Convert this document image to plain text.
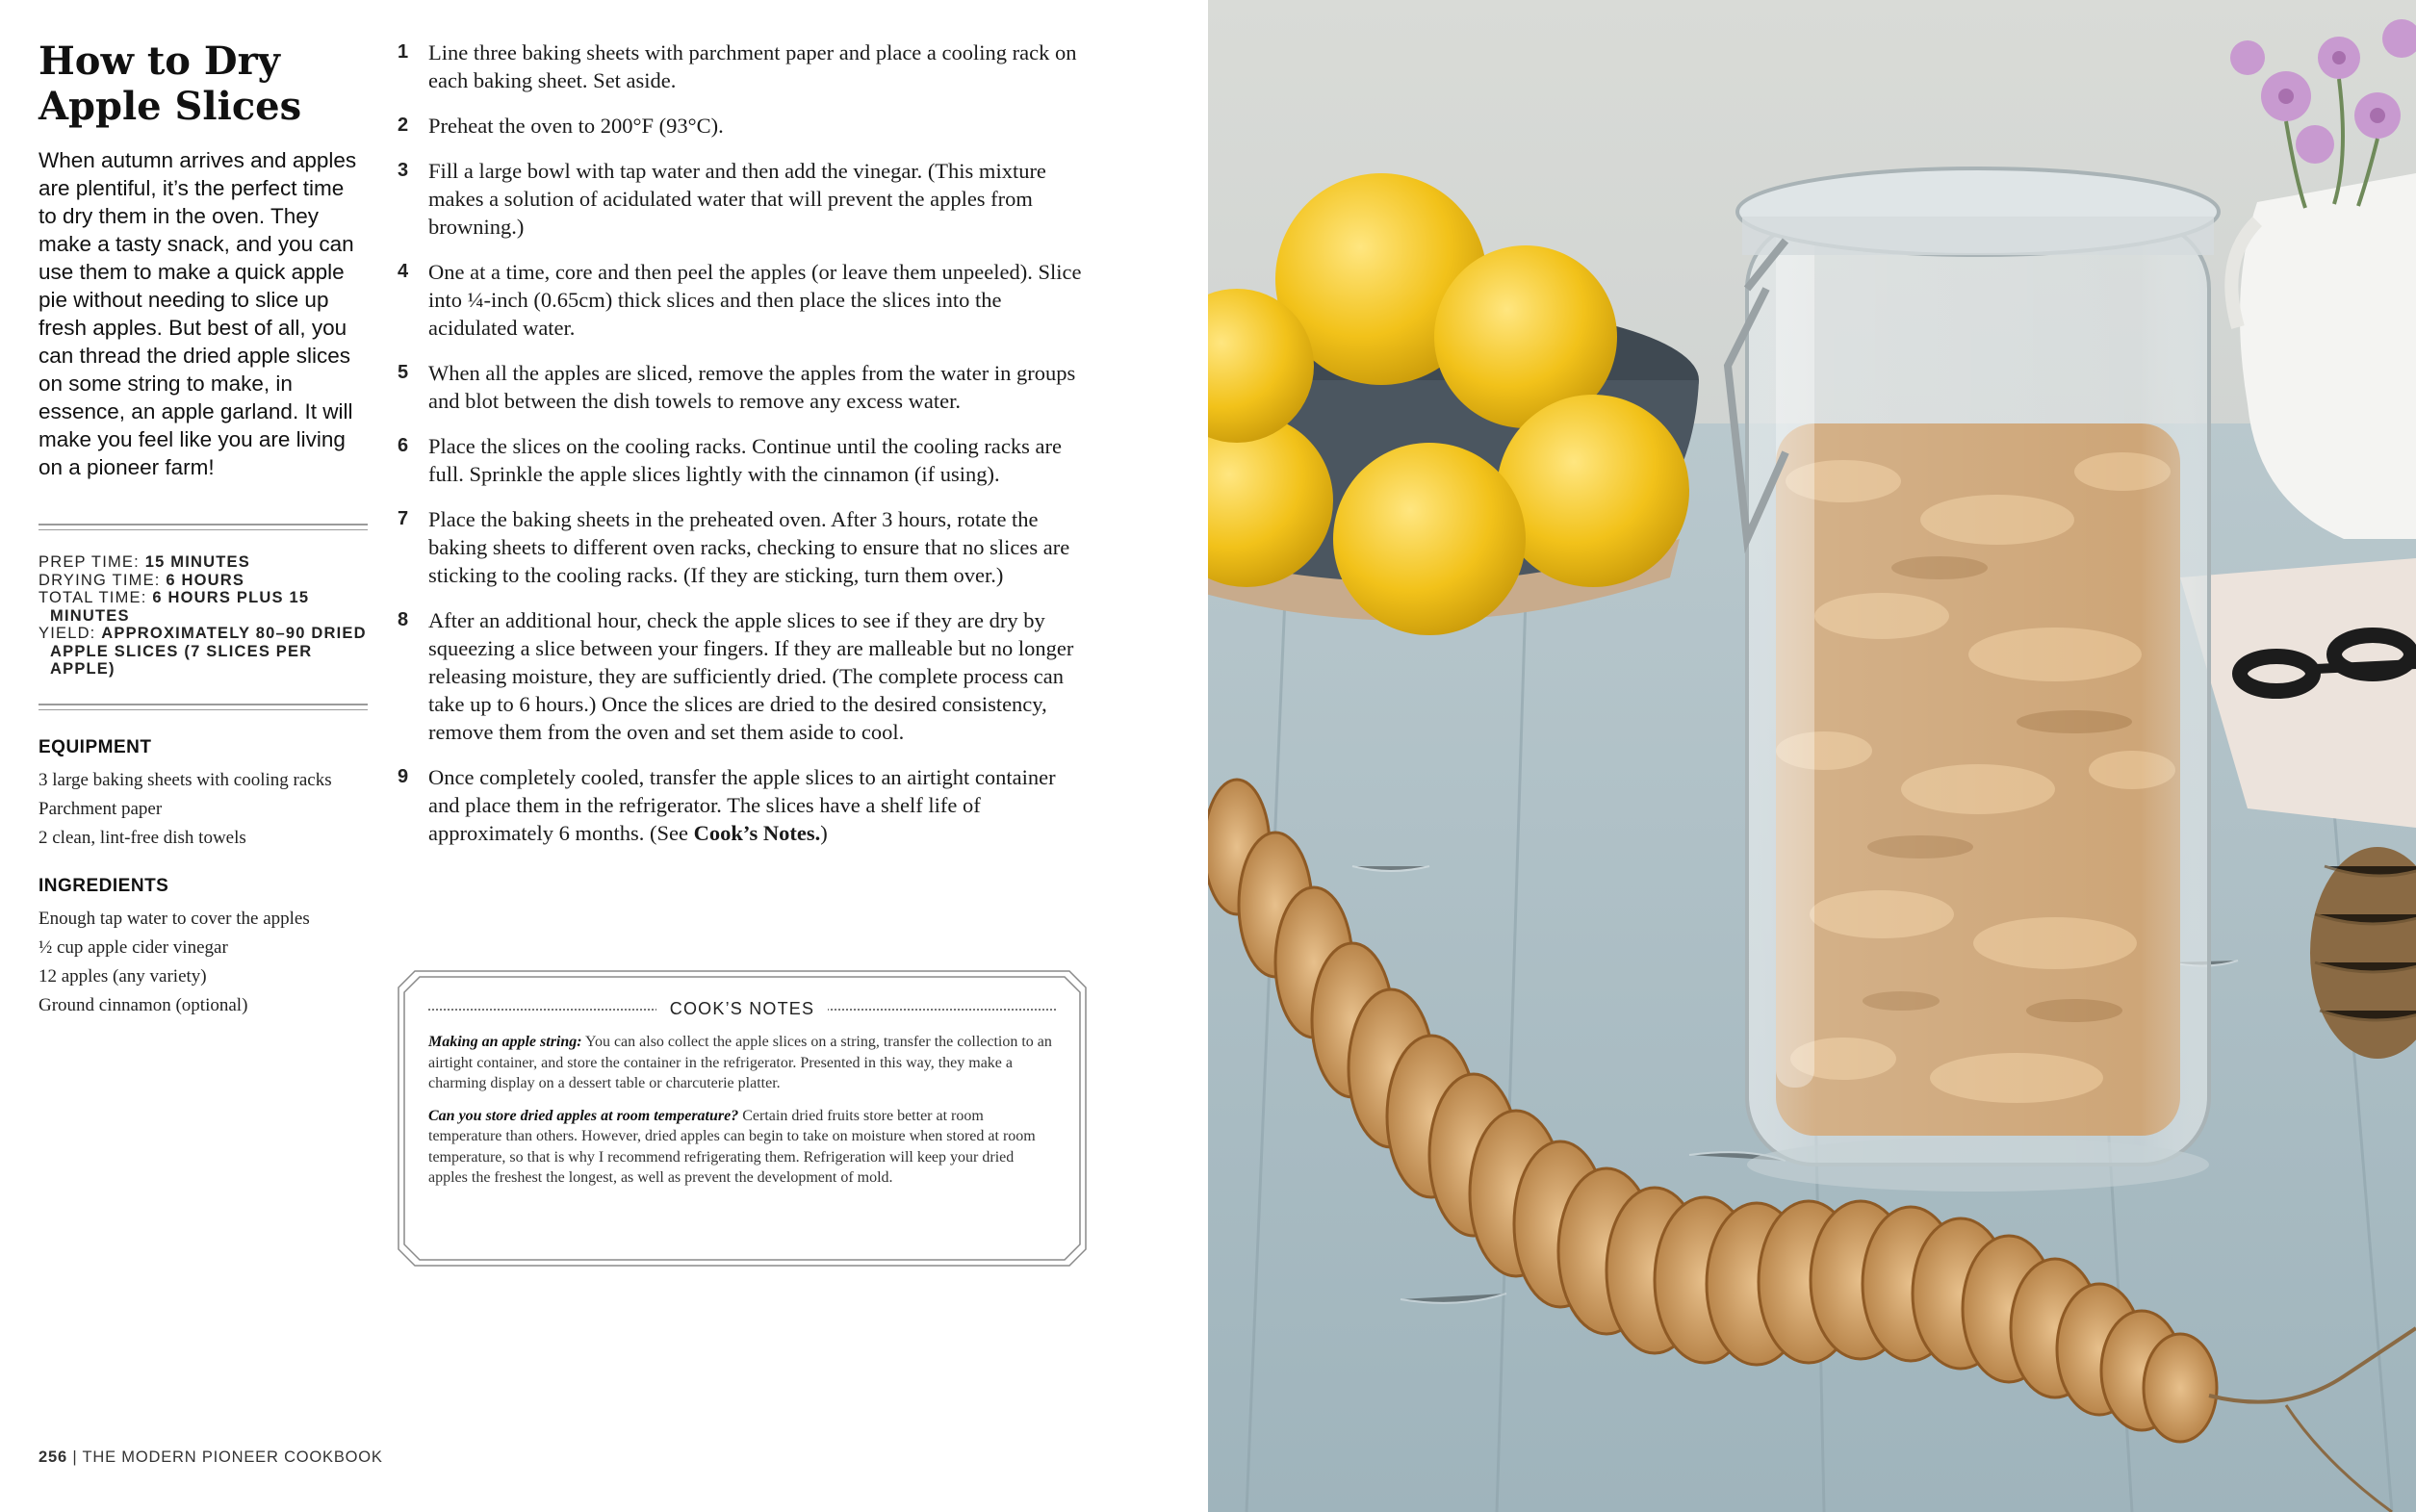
How to Dry
Apple Slices

When autumn arrives and apples are plentiful, it’s the perfect time to dry them in the oven. They make a tasty snack, and you can use them to make a quick apple pie without needing to slice up fresh apples. But best of all, you can thread the dried apple slices on some string to make, in essence, an apple garland. It will make you feel like you are living on a pioneer farm!

PREP TIME: 15 MINUTES
DRYING TIME: 6 HOURS
TOTAL TIME: 6 HOURS PLUS 15 MINUTES
YIELD: APPROXIMATELY 80–90 DRIED APPLE SLICES (7 SLICES PER APPLE)
EQUIPMENT
3 large baking sheets with cooling racks
Parchment paper
2 clean, lint-free dish towels
INGREDIENTS
Enough tap water to cover the apples
½ cup apple cider vinegar
12 apples (any variety)
Ground cinnamon (optional)
1 Line three baking sheets with parchment paper and place a cooling rack on each baking sheet. Set aside.
2 Preheat the oven to 200°F (93°C).
3 Fill a large bowl with tap water and then add the vinegar. (This mixture makes a solution of acidulated water that will prevent the apples from browning.)
4 One at a time, core and then peel the apples (or leave them unpeeled). Slice into ¼-inch (0.65cm) thick slices and then place the slices into the acidulated water.
5 When all the apples are sliced, remove the apples from the water in groups and blot between the dish towels to remove any excess water.
6 Place the slices on the cooling racks. Continue until the cooling racks are full. Sprinkle the apple slices lightly with the cinnamon (if using).
7 Place the baking sheets in the preheated oven. After 3 hours, rotate the baking sheets to different oven racks, checking to ensure that no slices are sticking to the cooling racks. (If they are sticking, turn them over.)
8 After an additional hour, check the apple slices to see if they are dry by squeezing a slice between your fingers. If they are malleable but no longer releasing moisture, they are sufficiently dried. (The complete process can take up to 6 hours.) Once the slices are dried to the desired consistency, remove them from the oven and set them aside to cool.
9 Once completely cooled, transfer the apple slices to an airtight container and place them in the refrigerator. The slices have a shelf life of approximately 6 months. (See Cook’s Notes.)
COOK’S NOTES

Making an apple string: You can also collect the apple slices on a string, transfer the collection to an airtight container, and store the container in the refrigerator. Presented in this way, they make a charming display on a dessert table or charcuterie platter.

Can you store dried apples at room temperature? Certain dried fruits store better at room temperature than others. However, dried apples can begin to take on moisture when stored at room temperature, so that is why I recommend refrigerating them. Refrigeration will keep your dried apples the freshest the longest, as well as prevent the development of mold.

256 | THE MODERN PIONEER COOKBOOK
